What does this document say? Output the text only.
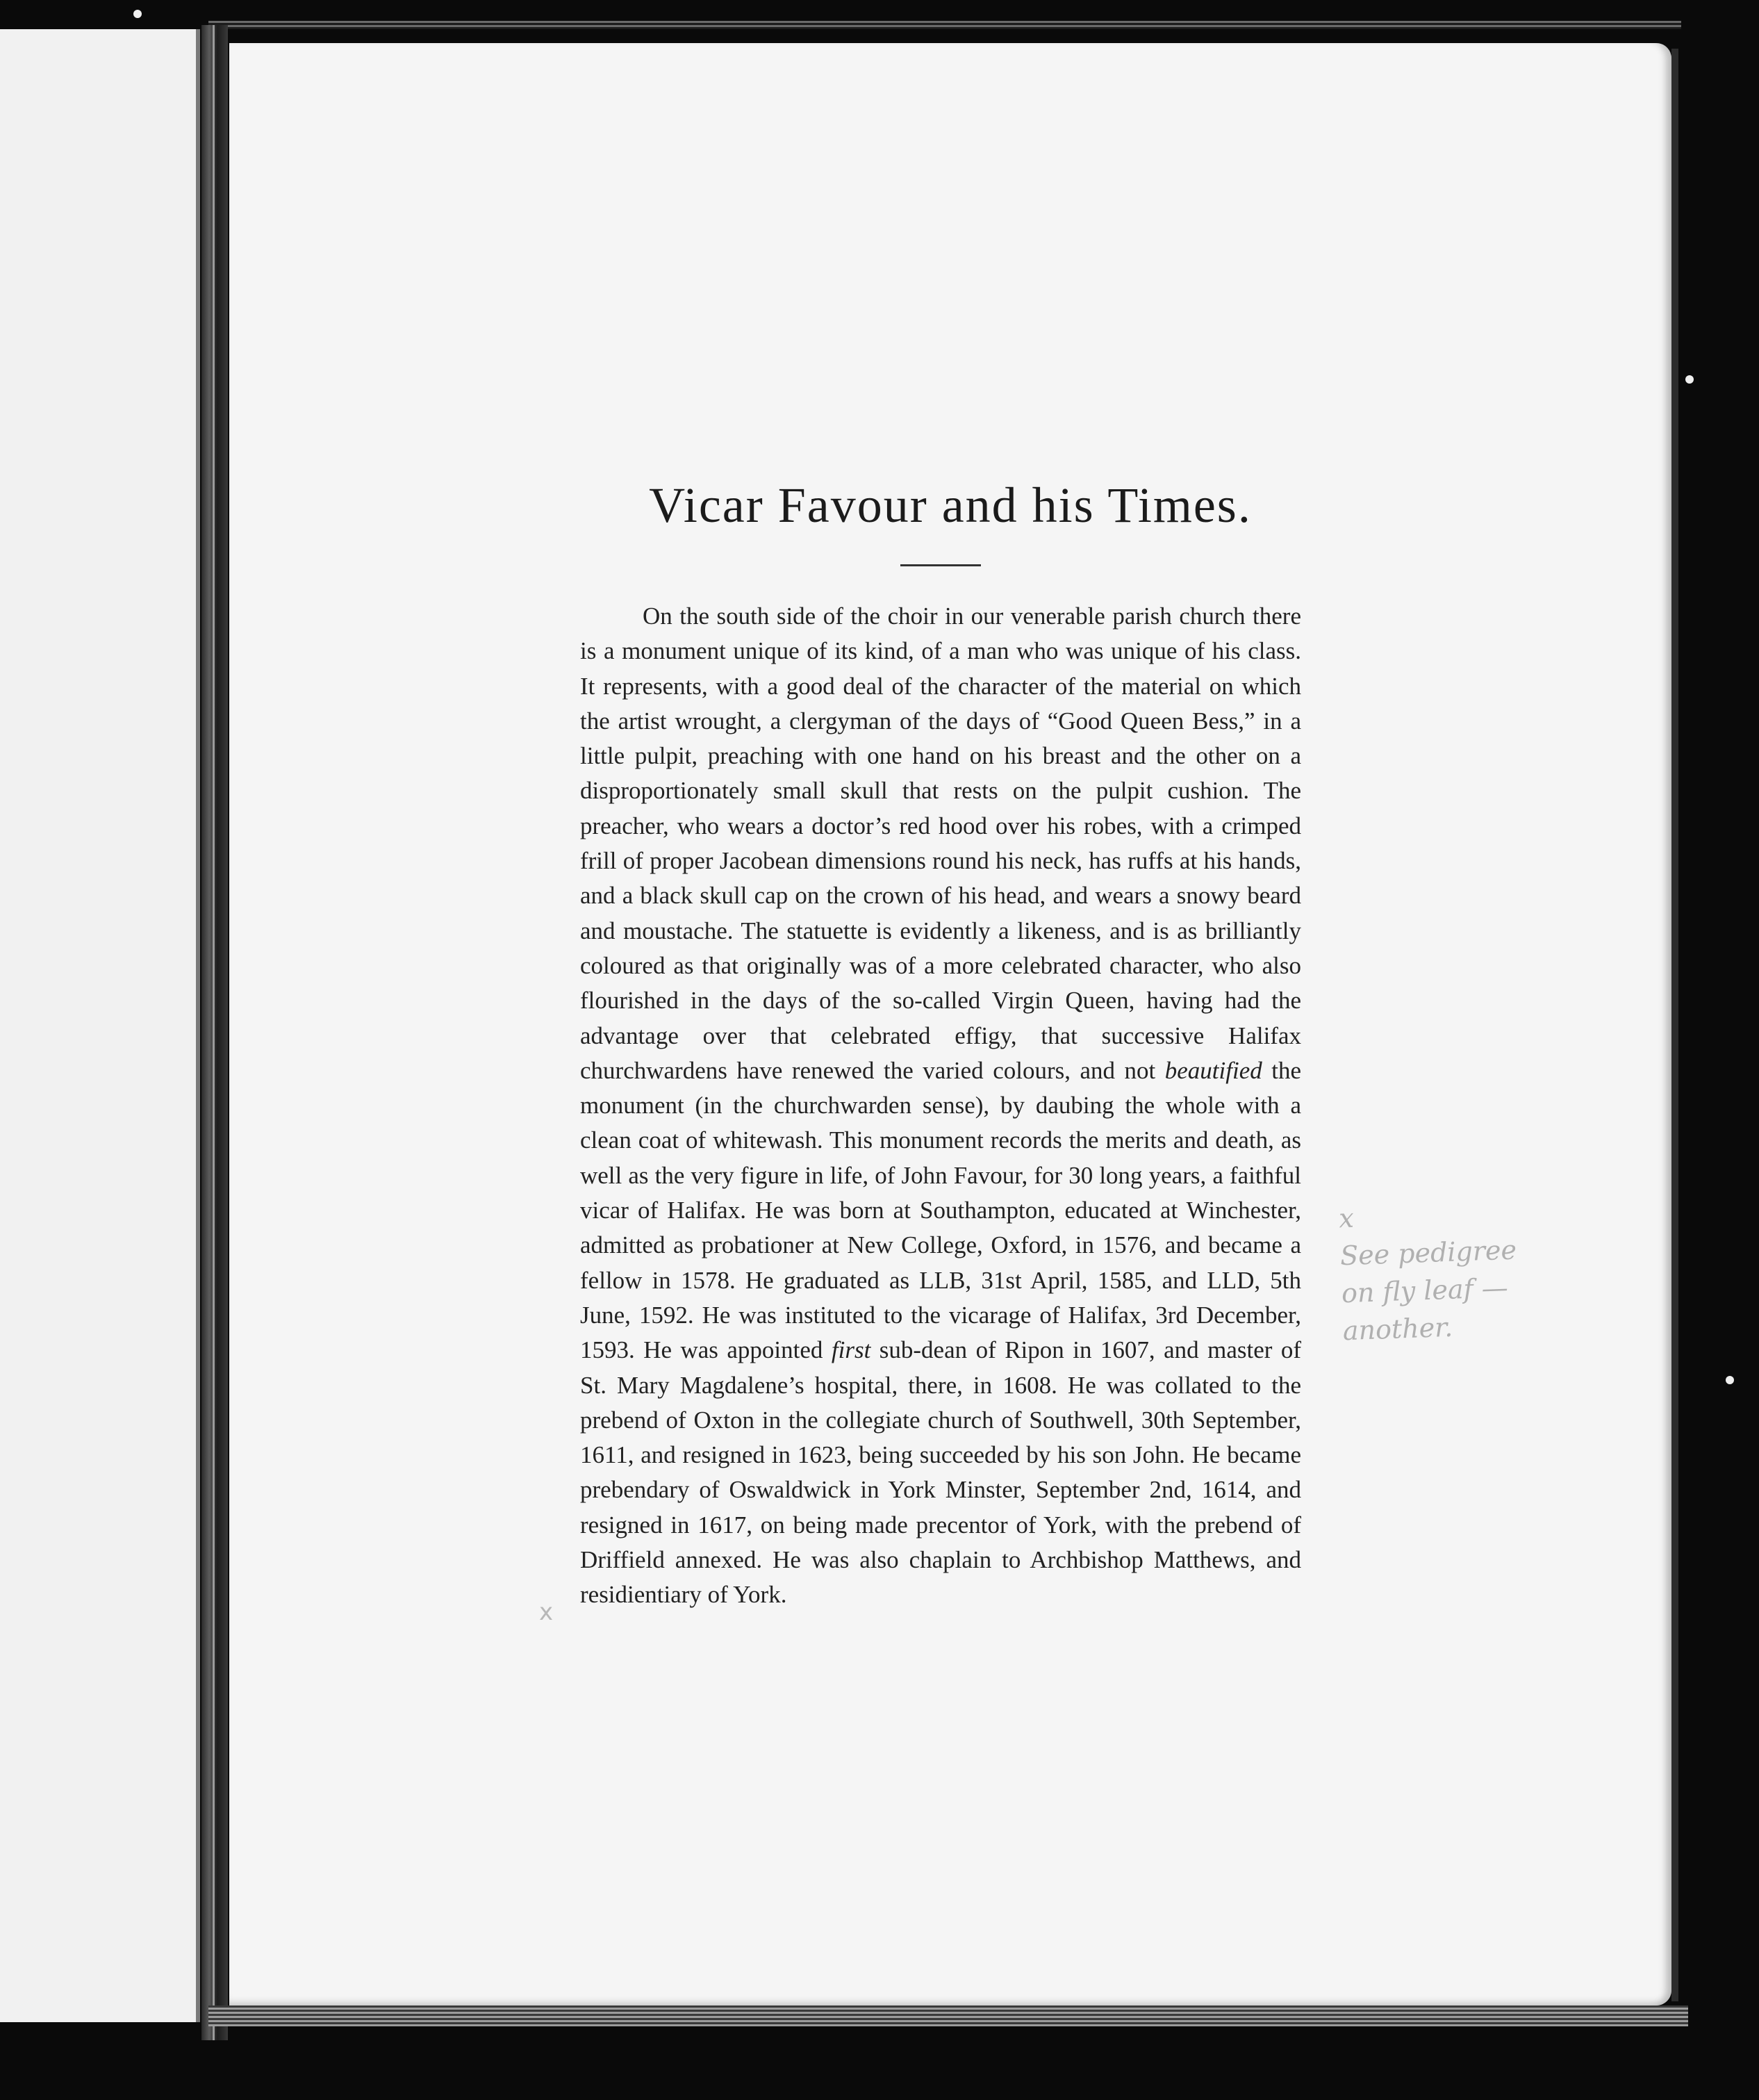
Vicar Favour and his Times.

On the south side of the choir in our venerable parish church there is a monument unique of its kind, of a man who was unique of his class. It represents, with a good deal of the character of the material on which the artist wrought, a clergyman of the days of “Good Queen Bess,” in a little pulpit, preaching with one hand on his breast and the other on a disproportionately small skull that rests on the pulpit cushion. The preacher, who wears a doctor’s red hood over his robes, with a crimped frill of proper Jacobean dimensions round his neck, has ruffs at his hands, and a black skull cap on the crown of his head, and wears a snowy beard and moustache. The statuette is evidently a likeness, and is as brilliantly coloured as that originally was of a more celebrated character, who also flourished in the days of the so-called Virgin Queen, having had the advantage over that celebrated effigy, that successive Halifax churchwardens have renewed the varied colours, and not beautified the monument (in the churchwarden sense), by daubing the whole with a clean coat of whitewash. This monument records the merits and death, as well as the very figure in life, of John Favour, for 30 long years, a faithful vicar of Halifax. He was born at Southampton, educated at Winchester, admitted as probationer at New College, Oxford, in 1576, and became a fellow in 1578. He graduated as LLB, 31st April, 1585, and LLD, 5th June, 1592. He was instituted to the vicarage of Halifax, 3rd December, 1593. He was appointed first sub-dean of Ripon in 1607, and master of St. Mary Magdalene’s hospital, there, in 1608. He was collated to the prebend of Oxton in the collegiate church of Southwell, 30th September, 1611, and resigned in 1623, being succeeded by his son John. He became prebendary of Oswaldwick in York Minster, September 2nd, 1614, and resigned in 1617, on being made precentor of York, with the prebend of Driffield annexed. He was also chaplain to Archbishop Matthews, and residientiary of York.

x
See pedigree
on fly leaf —
another.
x
